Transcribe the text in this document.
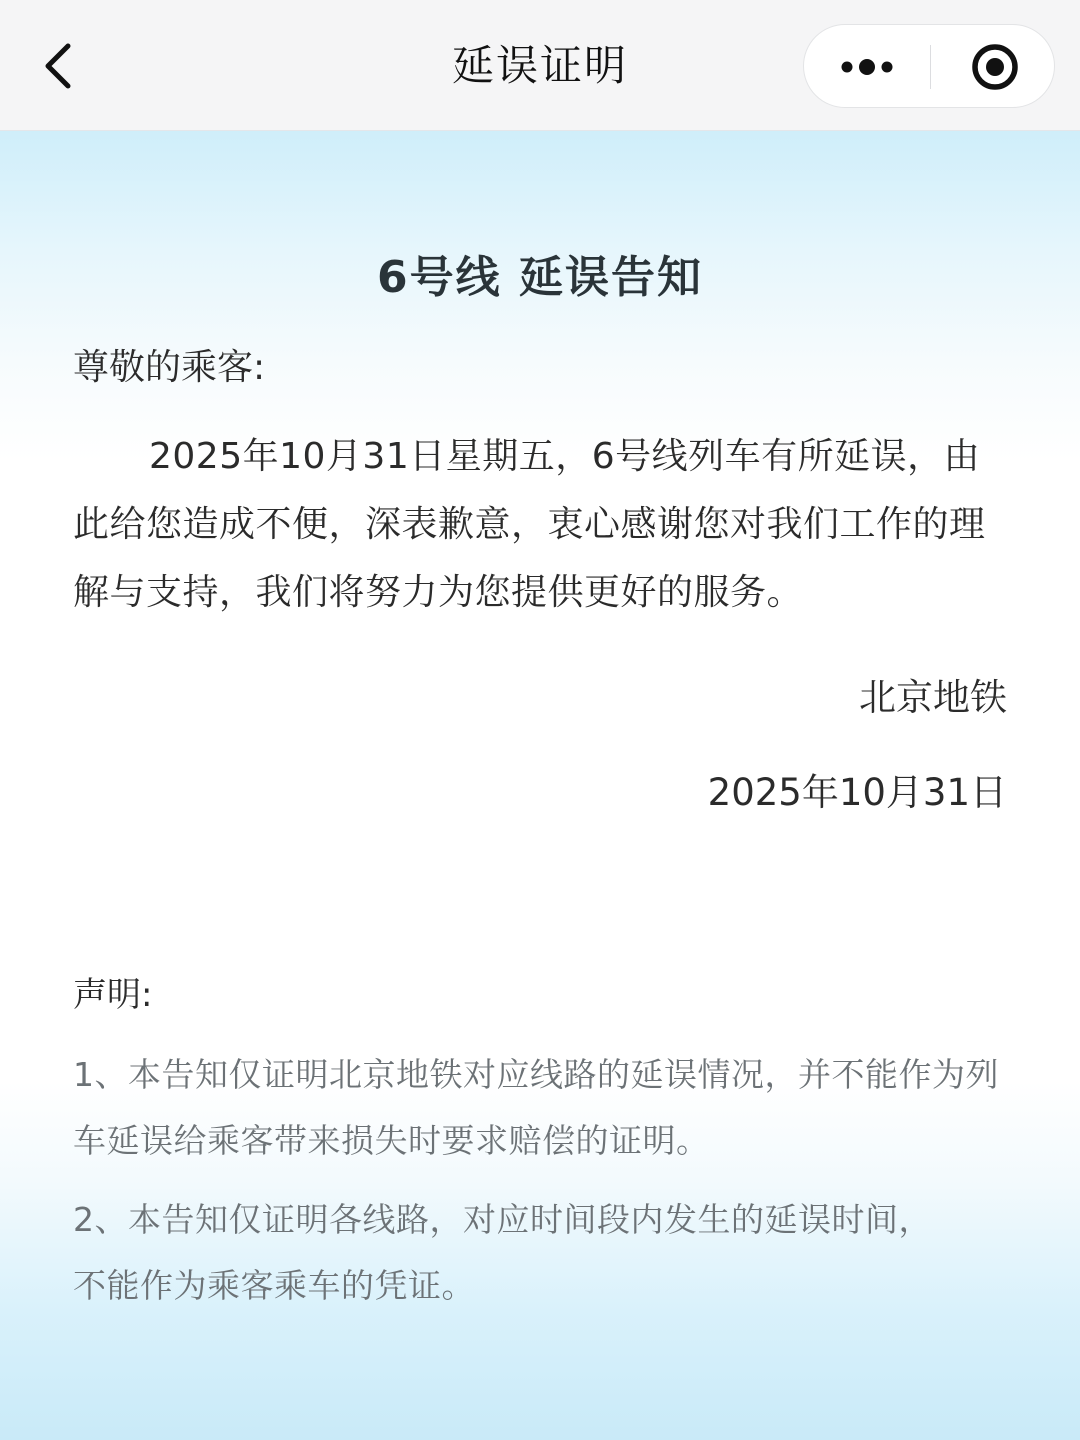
延误证明
6号线 延误告知
尊敬的乘客:
2025年10月31日星期五，6号线列车有所延误，由此给您造成不便，深表歉意，衷心感谢您对我们工作的理解与支持，我们将努力为您提供更好的服务。
北京地铁
2025年10月31日
声明:
1、本告知仅证明北京地铁对应线路的延误情况，并不能作为列车延误给乘客带来损失时要求赔偿的证明。
2、本告知仅证明各线路，对应时间段内发生的延误时间，不能作为乘客乘车的凭证。
